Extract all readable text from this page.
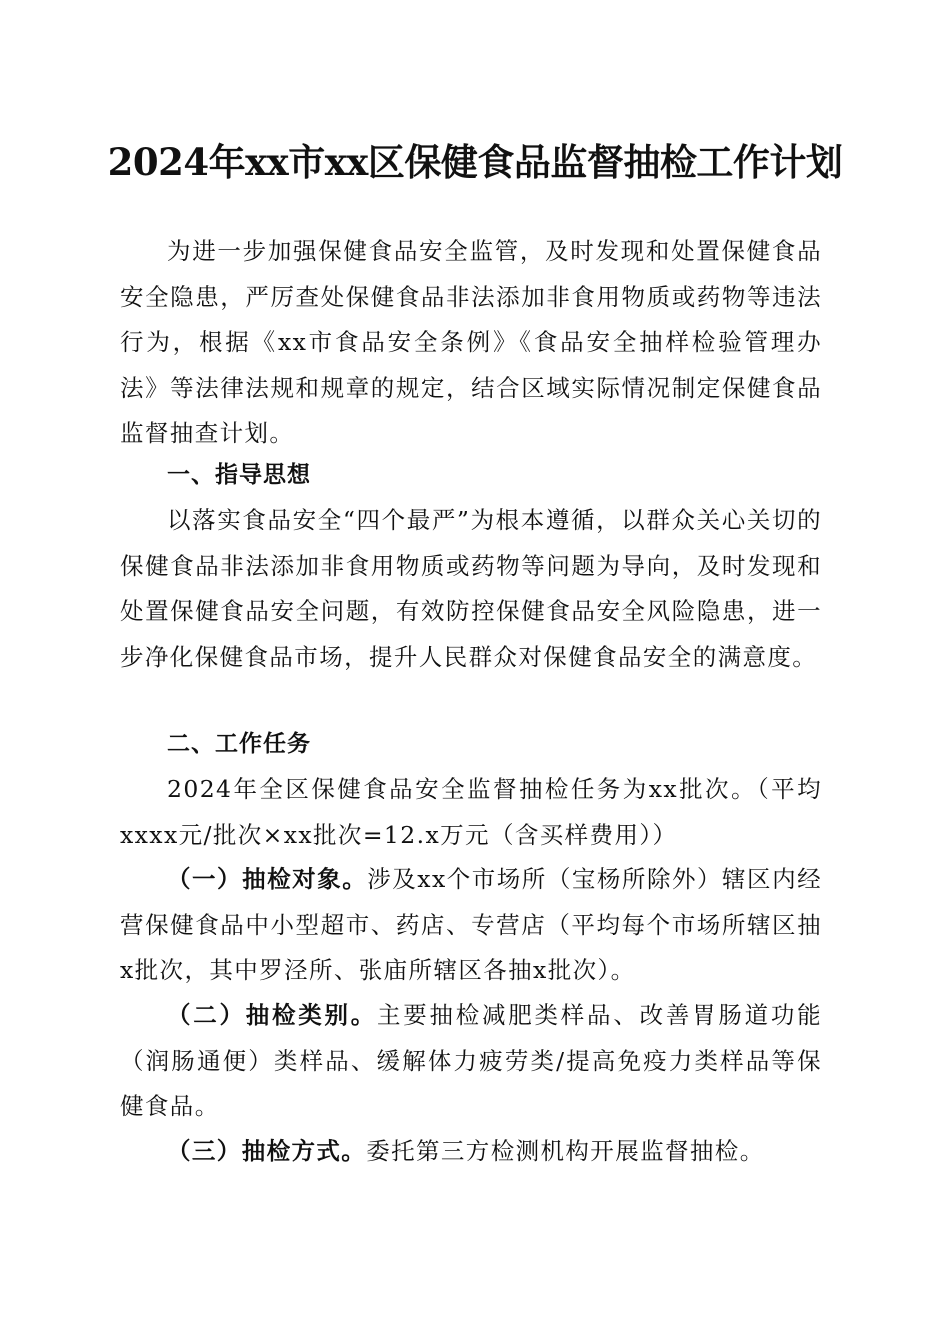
2024年xx市xx区保健食品监督抽检工作计划

为进一步加强保健食品安全监管，及时发现和处置保健食品安全隐患，严厉查处保健食品非法添加非食用物质或药物等违法行为，根据《xx市食品安全条例》《食品安全抽样检验管理办法》等法律法规和规章的规定，结合区域实际情况制定保健食品监督抽查计划。

一、指导思想

以落实食品安全“四个最严”为根本遵循，以群众关心关切的保健食品非法添加非食用物质或药物等问题为导向，及时发现和处置保健食品安全问题，有效防控保健食品安全风险隐患，进一步净化保健食品市场，提升人民群众对保健食品安全的满意度。

二、工作任务

2024年全区保健食品安全监督抽检任务为xx批次。（平均xxxx元/批次×xx批次=12.x万元（含买样费用））

（一）抽检对象。涉及xx个市场所（宝杨所除外）辖区内经营保健食品中小型超市、药店、专营店（平均每个市场所辖区抽x批次，其中罗泾所、张庙所辖区各抽x批次）。

（二）抽检类别。主要抽检减肥类样品、改善胃肠道功能（润肠通便）类样品、缓解体力疲劳类/提高免疫力类样品等保健食品。

（三）抽检方式。委托第三方检测机构开展监督抽检。
